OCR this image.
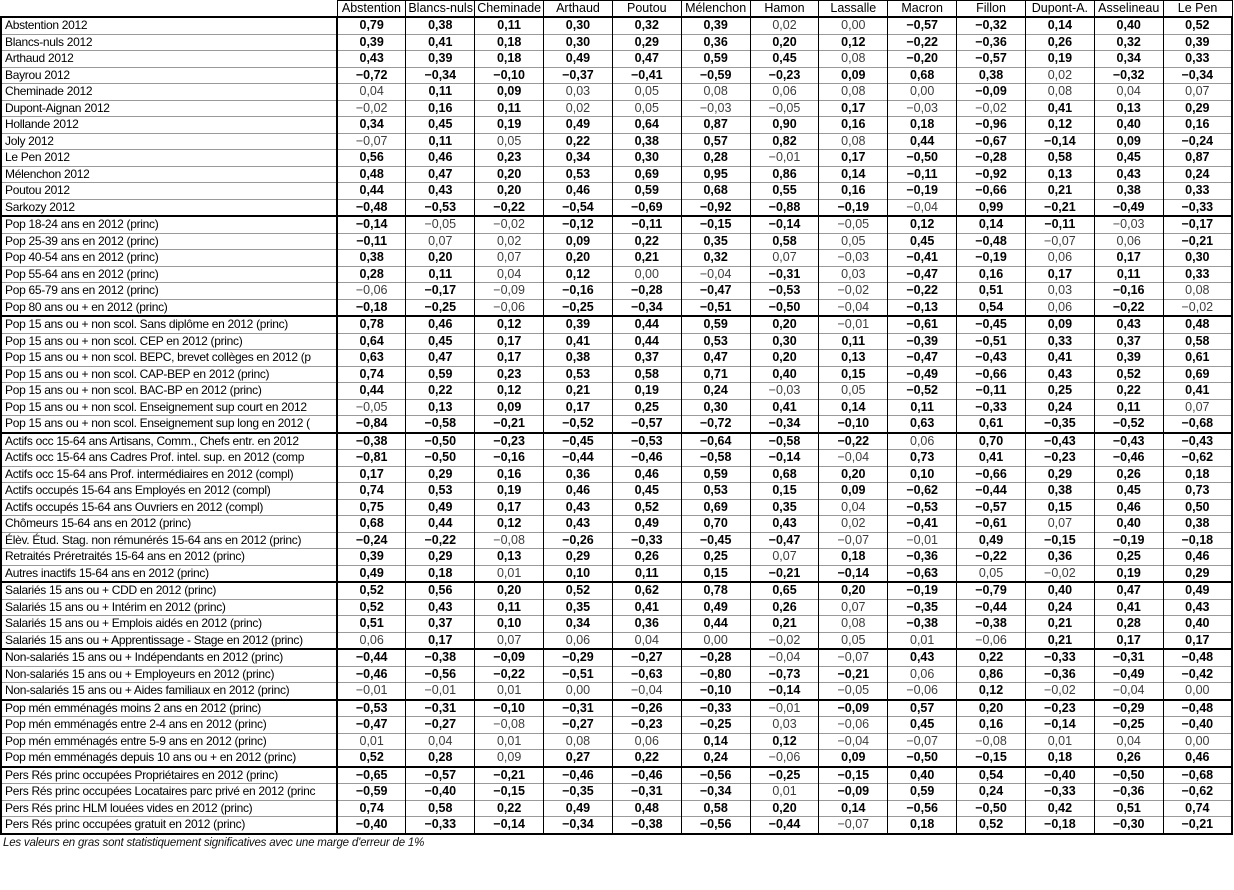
	Abstention	Blancs-nuls	Cheminade	Arthaud	Poutou	Mélenchon	Hamon	Lassalle	Macron	Fillon	Dupont-A.	Asselineau	Le Pen
Abstention 2012	0,79	0,38	0,11	0,30	0,32	0,39	0,02	0,00	−0,57	−0,32	0,14	0,40	0,52
Blancs-nuls 2012	0,39	0,41	0,18	0,30	0,29	0,36	0,20	0,12	−0,22	−0,36	0,26	0,32	0,39
Arthaud 2012	0,43	0,39	0,18	0,49	0,47	0,59	0,45	0,08	−0,20	−0,57	0,19	0,34	0,33
Bayrou 2012	−0,72	−0,34	−0,10	−0,37	−0,41	−0,59	−0,23	0,09	0,68	0,38	0,02	−0,32	−0,34
Cheminade 2012	0,04	0,11	0,09	0,03	0,05	0,08	0,06	0,08	0,00	−0,09	0,08	0,04	0,07
Dupont-Aignan 2012	−0,02	0,16	0,11	0,02	0,05	−0,03	−0,05	0,17	−0,03	−0,02	0,41	0,13	0,29
Hollande 2012	0,34	0,45	0,19	0,49	0,64	0,87	0,90	0,16	0,18	−0,96	0,12	0,40	0,16
Joly 2012	−0,07	0,11	0,05	0,22	0,38	0,57	0,82	0,08	0,44	−0,67	−0,14	0,09	−0,24
Le Pen 2012	0,56	0,46	0,23	0,34	0,30	0,28	−0,01	0,17	−0,50	−0,28	0,58	0,45	0,87
Mélenchon 2012	0,48	0,47	0,20	0,53	0,69	0,95	0,86	0,14	−0,11	−0,92	0,13	0,43	0,24
Poutou 2012	0,44	0,43	0,20	0,46	0,59	0,68	0,55	0,16	−0,19	−0,66	0,21	0,38	0,33
Sarkozy 2012	−0,48	−0,53	−0,22	−0,54	−0,69	−0,92	−0,88	−0,19	−0,04	0,99	−0,21	−0,49	−0,33
Pop 18-24 ans en 2012 (princ)	−0,14	−0,05	−0,02	−0,12	−0,11	−0,15	−0,14	−0,05	0,12	0,14	−0,11	−0,03	−0,17
Pop 25-39 ans en 2012 (princ)	−0,11	0,07	0,02	0,09	0,22	0,35	0,58	0,05	0,45	−0,48	−0,07	0,06	−0,21
Pop 40-54 ans en 2012 (princ)	0,38	0,20	0,07	0,20	0,21	0,32	0,07	−0,03	−0,41	−0,19	0,06	0,17	0,30
Pop 55-64 ans en 2012 (princ)	0,28	0,11	0,04	0,12	0,00	−0,04	−0,31	0,03	−0,47	0,16	0,17	0,11	0,33
Pop 65-79 ans en 2012 (princ)	−0,06	−0,17	−0,09	−0,16	−0,28	−0,47	−0,53	−0,02	−0,22	0,51	0,03	−0,16	0,08
Pop 80 ans ou + en 2012 (princ)	−0,18	−0,25	−0,06	−0,25	−0,34	−0,51	−0,50	−0,04	−0,13	0,54	0,06	−0,22	−0,02
Pop 15 ans ou + non scol. Sans diplôme en 2012 (princ)	0,78	0,46	0,12	0,39	0,44	0,59	0,20	−0,01	−0,61	−0,45	0,09	0,43	0,48
Pop 15 ans ou + non scol. CEP en 2012 (princ)	0,64	0,45	0,17	0,41	0,44	0,53	0,30	0,11	−0,39	−0,51	0,33	0,37	0,58
Pop 15 ans ou + non scol. BEPC, brevet collèges en 2012 (p	0,63	0,47	0,17	0,38	0,37	0,47	0,20	0,13	−0,47	−0,43	0,41	0,39	0,61
Pop 15 ans ou + non scol. CAP-BEP en 2012 (princ)	0,74	0,59	0,23	0,53	0,58	0,71	0,40	0,15	−0,49	−0,66	0,43	0,52	0,69
Pop 15 ans ou + non scol. BAC-BP en 2012 (princ)	0,44	0,22	0,12	0,21	0,19	0,24	−0,03	0,05	−0,52	−0,11	0,25	0,22	0,41
Pop 15 ans ou + non scol. Enseignement sup court en 2012	−0,05	0,13	0,09	0,17	0,25	0,30	0,41	0,14	0,11	−0,33	0,24	0,11	0,07
Pop 15 ans ou + non scol. Enseignement sup long en 2012 (	−0,84	−0,58	−0,21	−0,52	−0,57	−0,72	−0,34	−0,10	0,63	0,61	−0,35	−0,52	−0,68
Actifs occ 15-64 ans Artisans, Comm., Chefs entr. en 2012	−0,38	−0,50	−0,23	−0,45	−0,53	−0,64	−0,58	−0,22	0,06	0,70	−0,43	−0,43	−0,43
Actifs occ 15-64 ans Cadres Prof. intel. sup. en 2012 (comp	−0,81	−0,50	−0,16	−0,44	−0,46	−0,58	−0,14	−0,04	0,73	0,41	−0,23	−0,46	−0,62
Actifs occ 15-64 ans Prof. intermédiaires en 2012 (compl)	0,17	0,29	0,16	0,36	0,46	0,59	0,68	0,20	0,10	−0,66	0,29	0,26	0,18
Actifs occupés 15-64 ans Employés en 2012 (compl)	0,74	0,53	0,19	0,46	0,45	0,53	0,15	0,09	−0,62	−0,44	0,38	0,45	0,73
Actifs occupés 15-64 ans Ouvriers en 2012 (compl)	0,75	0,49	0,17	0,43	0,52	0,69	0,35	0,04	−0,53	−0,57	0,15	0,46	0,50
Chômeurs 15-64 ans en 2012 (princ)	0,68	0,44	0,12	0,43	0,49	0,70	0,43	0,02	−0,41	−0,61	0,07	0,40	0,38
Élèv. Étud. Stag. non rémunérés 15-64 ans en 2012 (princ)	−0,24	−0,22	−0,08	−0,26	−0,33	−0,45	−0,47	−0,07	−0,01	0,49	−0,15	−0,19	−0,18
Retraités Préretraités 15-64 ans en 2012 (princ)	0,39	0,29	0,13	0,29	0,26	0,25	0,07	0,18	−0,36	−0,22	0,36	0,25	0,46
Autres inactifs 15-64 ans en 2012 (princ)	0,49	0,18	0,01	0,10	0,11	0,15	−0,21	−0,14	−0,63	0,05	−0,02	0,19	0,29
Salariés 15 ans ou + CDD en 2012 (princ)	0,52	0,56	0,20	0,52	0,62	0,78	0,65	0,20	−0,19	−0,79	0,40	0,47	0,49
Salariés 15 ans ou + Intérim en 2012 (princ)	0,52	0,43	0,11	0,35	0,41	0,49	0,26	0,07	−0,35	−0,44	0,24	0,41	0,43
Salariés 15 ans ou + Emplois aidés en 2012 (princ)	0,51	0,37	0,10	0,34	0,36	0,44	0,21	0,08	−0,38	−0,38	0,21	0,28	0,40
Salariés 15 ans ou + Apprentissage - Stage en 2012 (princ)	0,06	0,17	0,07	0,06	0,04	0,00	−0,02	0,05	0,01	−0,06	0,21	0,17	0,17
Non-salariés 15 ans ou + Indépendants en 2012 (princ)	−0,44	−0,38	−0,09	−0,29	−0,27	−0,28	−0,04	−0,07	0,43	0,22	−0,33	−0,31	−0,48
Non-salariés 15 ans ou + Employeurs en 2012 (princ)	−0,46	−0,56	−0,22	−0,51	−0,63	−0,80	−0,73	−0,21	0,06	0,86	−0,36	−0,49	−0,42
Non-salariés 15 ans ou + Aides familiaux en 2012 (princ)	−0,01	−0,01	0,01	0,00	−0,04	−0,10	−0,14	−0,05	−0,06	0,12	−0,02	−0,04	0,00
Pop mén emménagés moins 2 ans en 2012 (princ)	−0,53	−0,31	−0,10	−0,31	−0,26	−0,33	−0,01	−0,09	0,57	0,20	−0,23	−0,29	−0,48
Pop mén emménagés entre 2-4 ans en 2012 (princ)	−0,47	−0,27	−0,08	−0,27	−0,23	−0,25	0,03	−0,06	0,45	0,16	−0,14	−0,25	−0,40
Pop mén emménagés entre 5-9 ans en 2012 (princ)	0,01	0,04	0,01	0,08	0,06	0,14	0,12	−0,04	−0,07	−0,08	0,01	0,04	0,00
Pop mén emménagés depuis 10 ans ou + en 2012 (princ)	0,52	0,28	0,09	0,27	0,22	0,24	−0,06	0,09	−0,50	−0,15	0,18	0,26	0,46
Pers Rés princ occupées Propriétaires en 2012 (princ)	−0,65	−0,57	−0,21	−0,46	−0,46	−0,56	−0,25	−0,15	0,40	0,54	−0,40	−0,50	−0,68
Pers Rés princ occupées Locataires parc privé en 2012 (princ	−0,59	−0,40	−0,15	−0,35	−0,31	−0,34	0,01	−0,09	0,59	0,24	−0,33	−0,36	−0,62
Pers Rés princ HLM louées vides en 2012 (princ)	0,74	0,58	0,22	0,49	0,48	0,58	0,20	0,14	−0,56	−0,50	0,42	0,51	0,74
Pers Rés princ occupées gratuit en 2012 (princ)	−0,40	−0,33	−0,14	−0,34	−0,38	−0,56	−0,44	−0,07	0,18	0,52	−0,18	−0,30	−0,21
Les valeurs en gras sont statistiquement significatives avec une marge d'erreur de 1%
